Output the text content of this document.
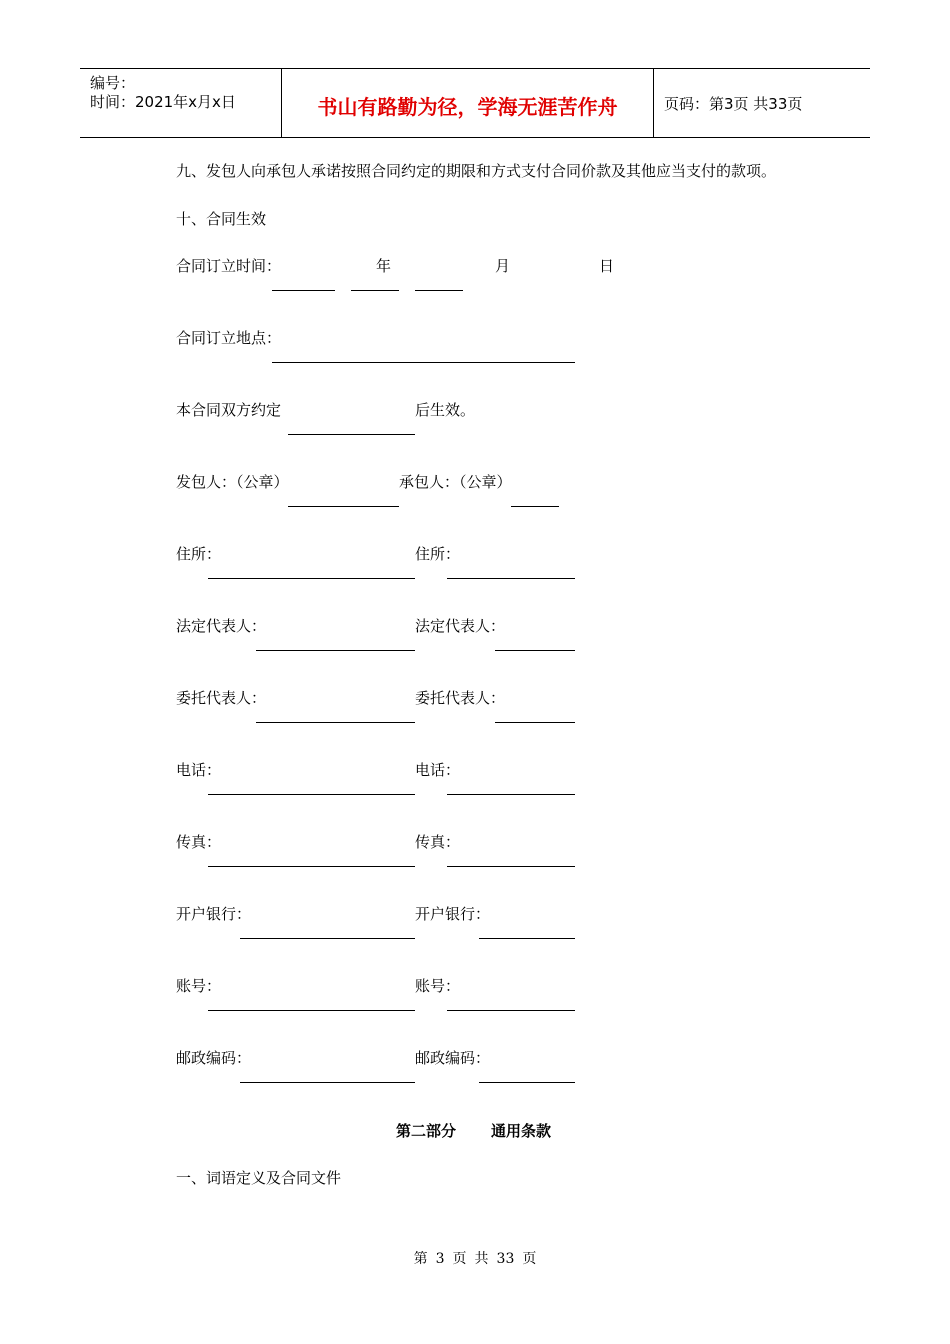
编号：
时间：2021年x月x日	书山有路勤为径，学海无涯苦作舟	页码：第3页 共33页
九、发包人向承包人承诺按照合同约定的期限和方式支付合同价款及其他应当支付的款项。
十、合同生效
合同订立时间：	年	月	日
合同订立地点：
本合同双方约定	后生效。
发包人：（公章）	承包人：（公章）
住所：	住所：
法定代表人：	法定代表人：
委托代表人：	委托代表人：
电话：	电话：
传真：	传真：
开户银行：	开户银行：
账号：	账号：
邮政编码：	邮政编码：
第二部分 通用条款
一、词语定义及合同文件
第 3 页 共 33 页
